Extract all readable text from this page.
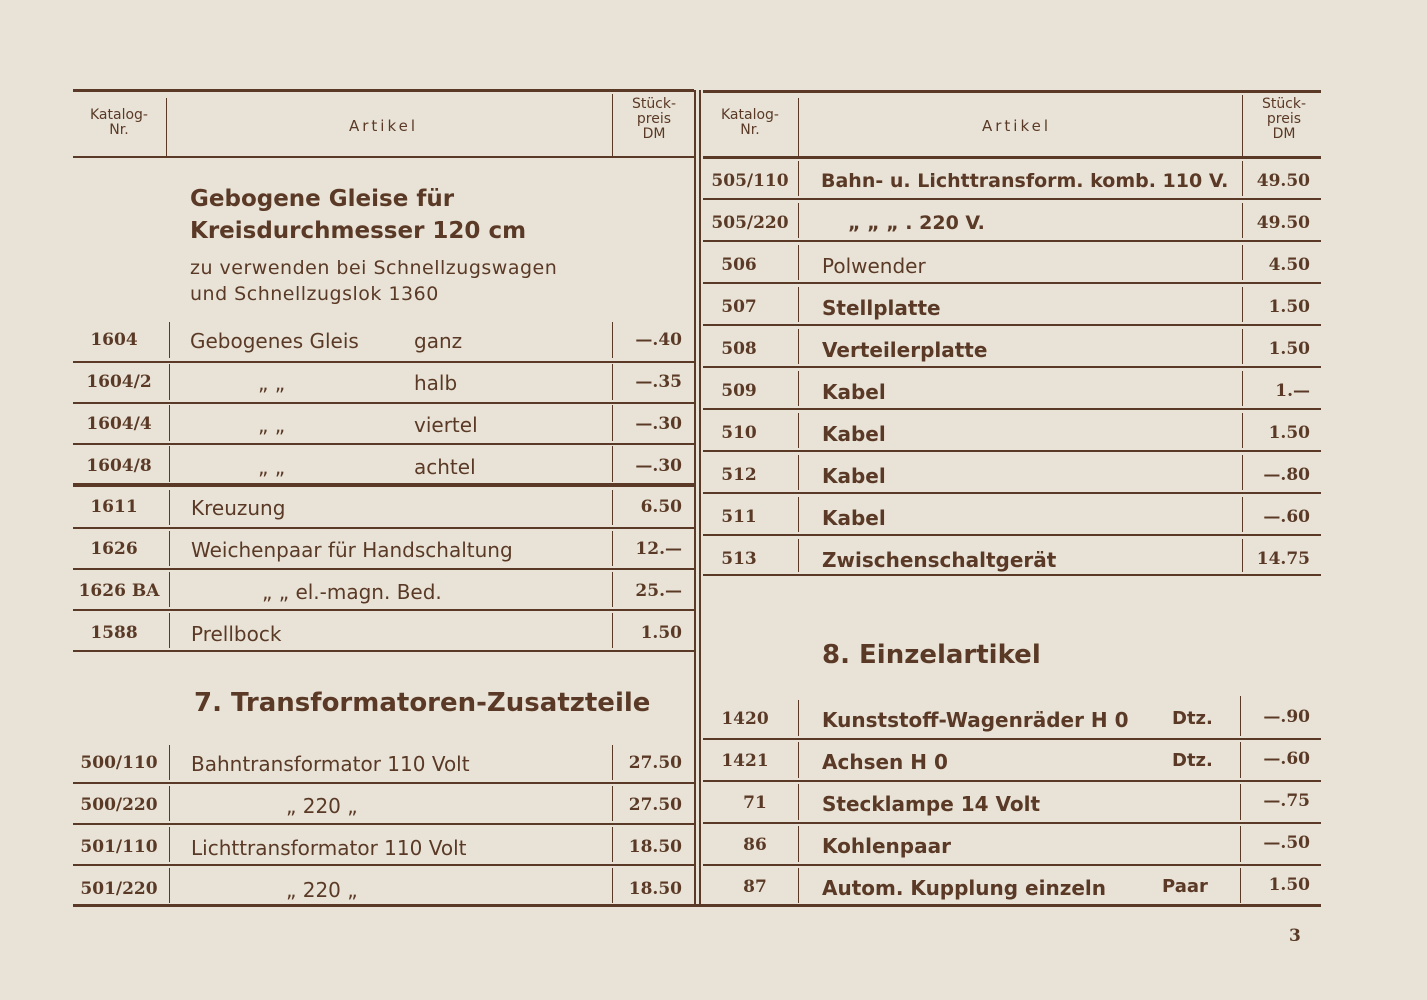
Katalog-
Nr.	Artikel
Stück-
preis
DM
Katalog-
Nr.	Artikel
Stück-
preis
DM
Gebogene Gleise für
Kreisdurchmesser 120 cm
zu verwenden bei Schnellzugswagen
und Schnellzugslok 1360
1604	Gebogenes Gleis	ganz	—.40
1604/2	„ „	halb	—.35
1604/4	„ „	viertel	—.30
1604/8	„ „	achtel	—.30
1611	Kreuzung	6.50
1626	Weichenpaar für Handschaltung	12.—
1626 BA	„ „ el.-magn. Bed.	25.—
1588	Prellbock	1.50
7. Transformatoren-Zusatzteile
500/110	Bahntransformator 110 Volt	27.50
500/220	„ 220 „	27.50
501/110	Lichttransformator 110 Volt	18.50
501/220	„ 220 „	18.50
505/110	Bahn- u. Lichttransform. komb. 110 V.	49.50
505/220	„ „ „ . 220 V.	49.50
506	Polwender	4.50
507	Stellplatte	1.50
508	Verteilerplatte	1.50
509	Kabel	1.—
510	Kabel	1.50
512	Kabel	—.80
511	Kabel	—.60
513	Zwischenschaltgerät	14.75
8. Einzelartikel
1420	Kunststoff-Wagenräder H 0 Dtz.	—.90
1421	Achsen H 0	Dtz.	—.60
71	Stecklampe 14 Volt	—.75
86	Kohlenpaar	—.50
87	Autom. Kupplung einzeln	Paar	1.50
3
